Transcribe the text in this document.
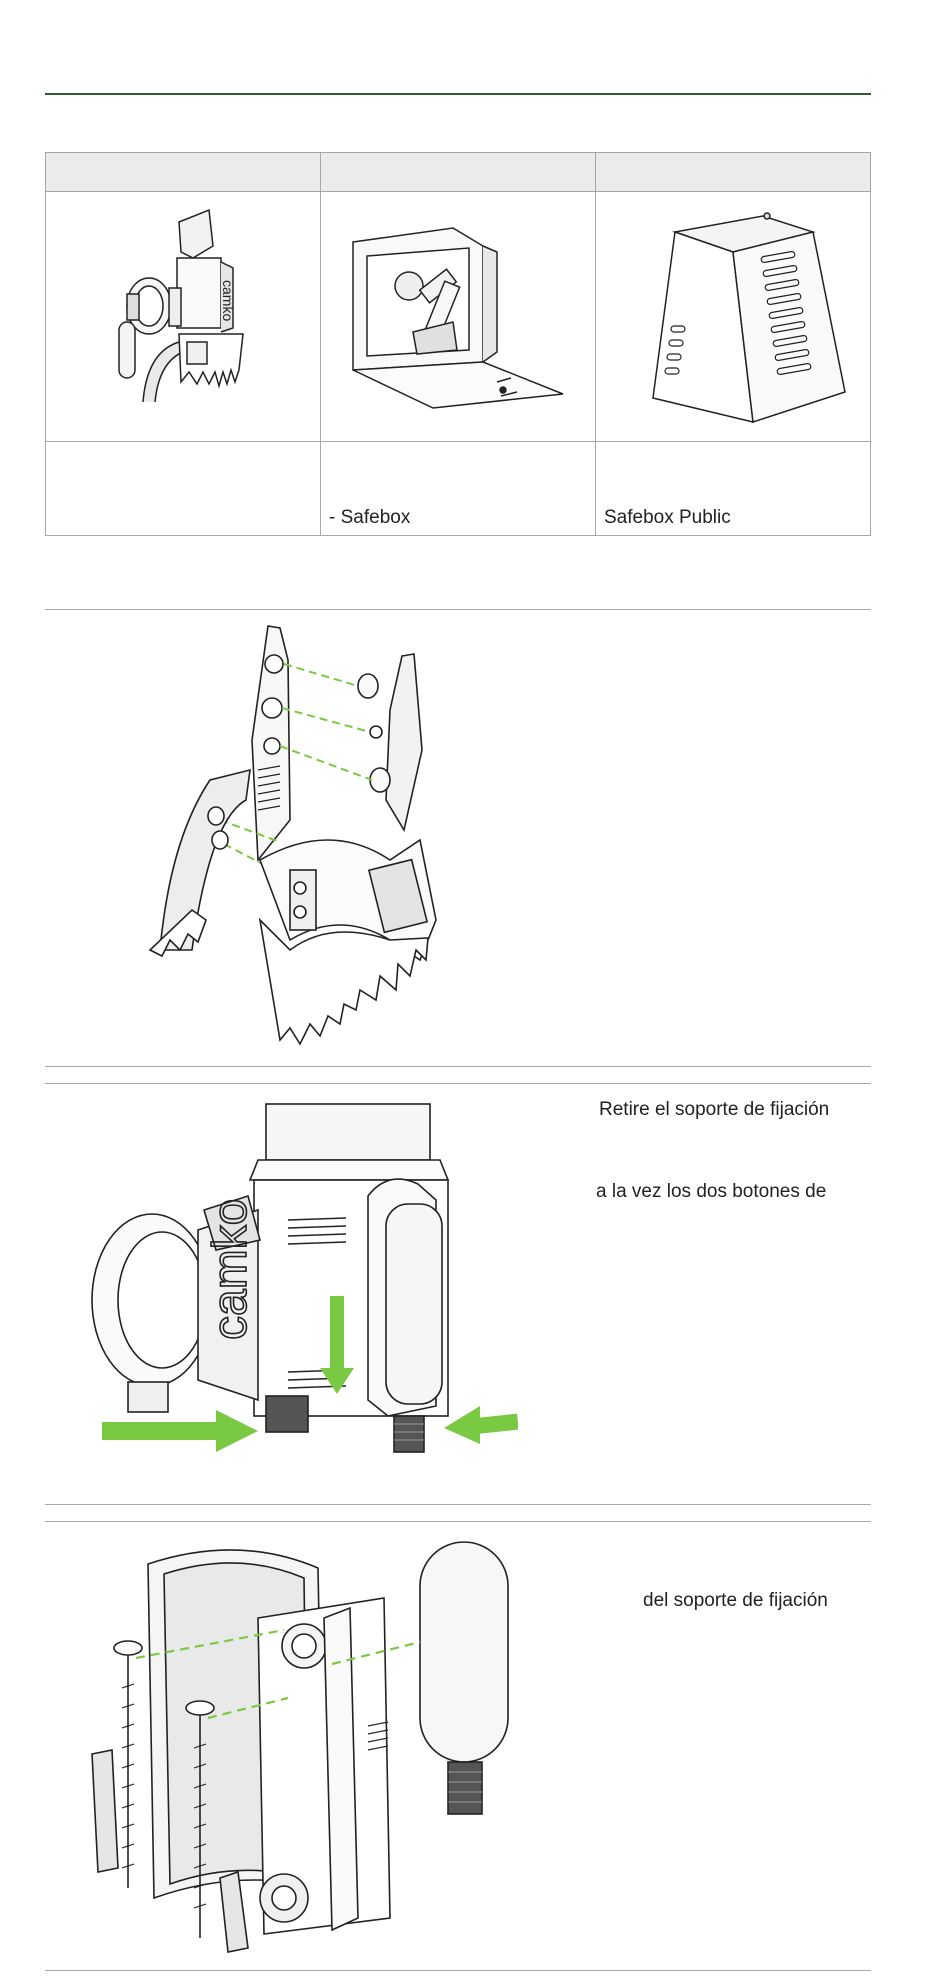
camko

	- Safebox	Safebox Public
camko
Retire el soporte de fijación
a la vez los dos botones de
del soporte de fijación
